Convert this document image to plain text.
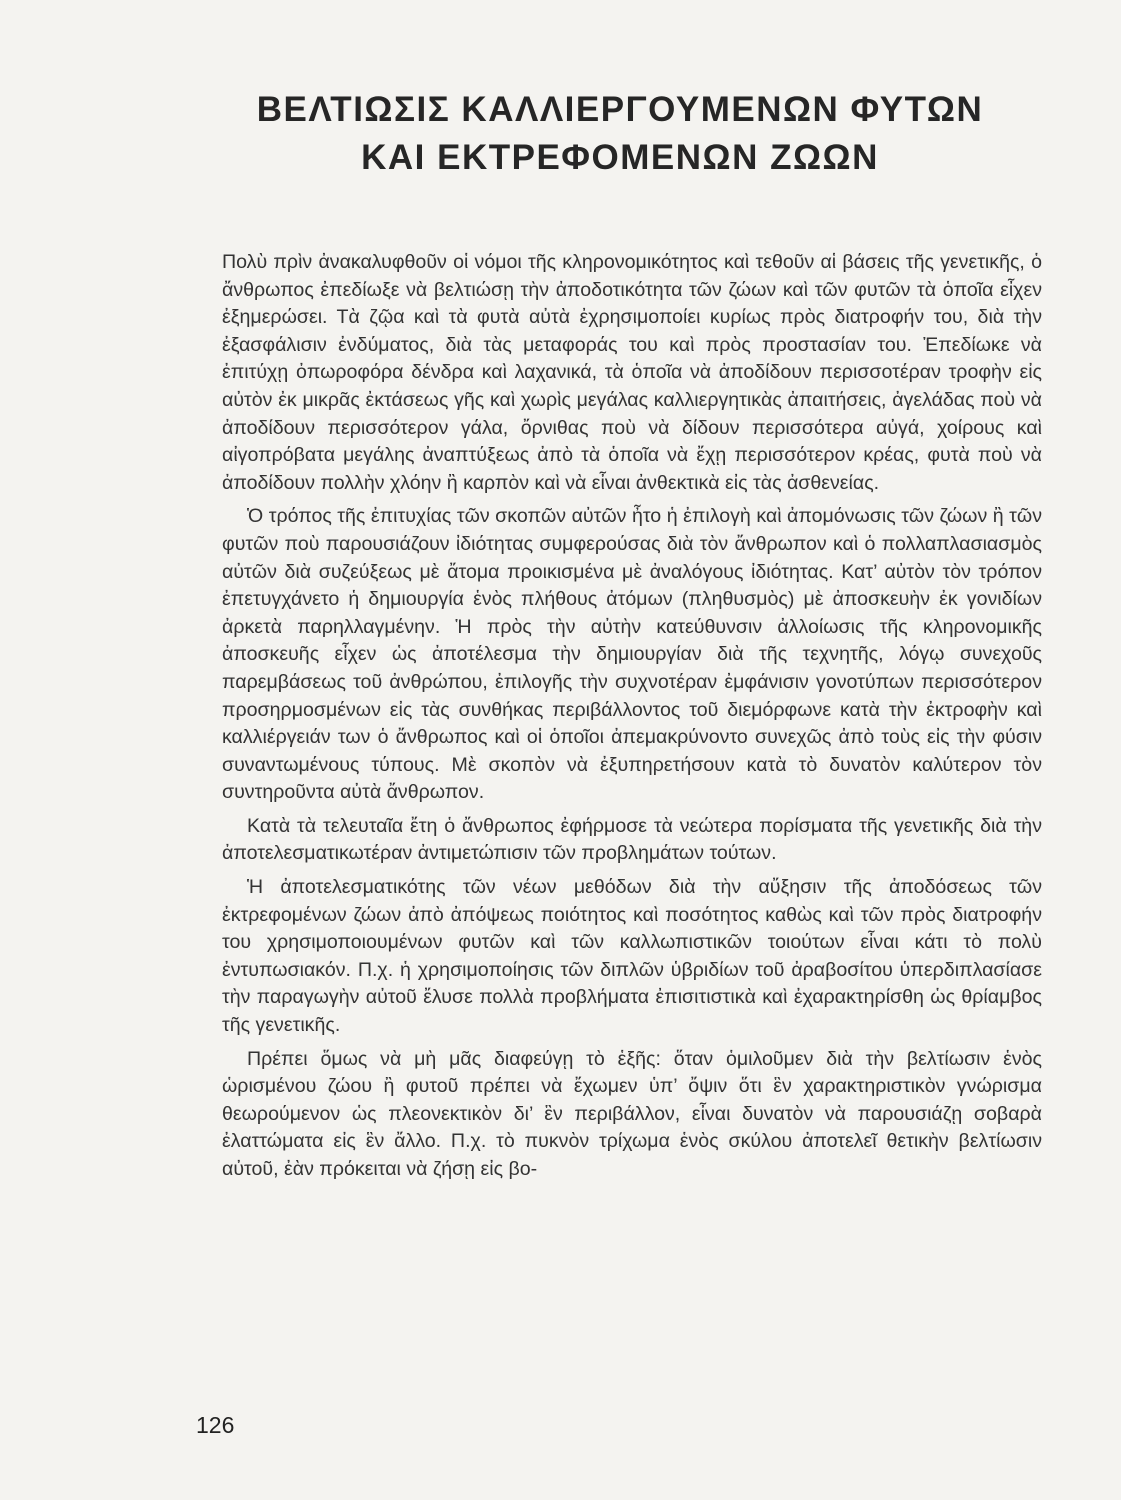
ΒΕΛΤΙΩΣΙΣ ΚΑΛΛΙΕΡΓΟΥΜΕΝΩΝ ΦΥΤΩΝ
ΚΑΙ ΕΚΤΡΕΦΟΜΕΝΩΝ ΖΩΩΝ

Πολὺ πρὶν ἀνακαλυφθοῦν οἱ νόμοι τῆς κληρονομικότητος καὶ τεθοῦν αἱ βάσεις τῆς γενετικῆς, ὁ ἄνθρωπος ἐπεδίωξε νὰ βελτιώσῃ τὴν ἀποδοτικότητα τῶν ζώων καὶ τῶν φυτῶν τὰ ὁποῖα εἶχεν ἐξημερώσει. Τὰ ζῷα καὶ τὰ φυτὰ αὐτὰ ἐχρησιμοποίει κυρίως πρὸς διατροφήν του, διὰ τὴν ἐξασφάλισιν ἐνδύματος, διὰ τὰς μεταφοράς του καὶ πρὸς προστασίαν του. Ἐπεδίωκε νὰ ἐπιτύχῃ ὀπωροφόρα δένδρα καὶ λαχανικά, τὰ ὁποῖα νὰ ἀποδίδουν περισσοτέραν τροφὴν εἰς αὐτὸν ἐκ μικρᾶς ἐκτάσεως γῆς καὶ χωρὶς μεγάλας καλλιεργητικὰς ἀπαιτήσεις, ἀγελάδας ποὺ νὰ ἀποδίδουν περισσότερον γάλα, ὄρνιθας ποὺ νὰ δίδουν περισσότερα αὐγά, χοίρους καὶ αἰγοπρόβατα μεγάλης ἀναπτύξεως ἀπὸ τὰ ὁποῖα νὰ ἔχῃ περισσότερον κρέας, φυτὰ ποὺ νὰ ἀποδίδουν πολλὴν χλόην ἢ καρπὸν καὶ νὰ εἶναι ἀνθεκτικὰ εἰς τὰς ἀσθενείας.

Ὁ τρόπος τῆς ἐπιτυχίας τῶν σκοπῶν αὐτῶν ἦτο ἡ ἐπιλογὴ καὶ ἀπομόνωσις τῶν ζώων ἢ τῶν φυτῶν ποὺ παρουσιάζουν ἰδιότητας συμφερούσας διὰ τὸν ἄνθρωπον καὶ ὁ πολλαπλασιασμὸς αὐτῶν διὰ συζεύξεως μὲ ἄτομα προικισμένα μὲ ἀναλόγους ἰδιότητας. Κατ’ αὐτὸν τὸν τρόπον ἐπετυγχάνετο ἡ δημιουργία ἑνὸς πλήθους ἀτόμων (πληθυσμὸς) μὲ ἀποσκευὴν ἐκ γονιδίων ἀρκετὰ παρηλλαγμένην. Ἡ πρὸς τὴν αὐτὴν κατεύθυνσιν ἀλλοίωσις τῆς κληρονομικῆς ἀποσκευῆς εἶχεν ὡς ἀποτέλεσμα τὴν δημιουργίαν διὰ τῆς τεχνητῆς, λόγῳ συνεχοῦς παρεμβάσεως τοῦ ἀνθρώπου, ἐπιλογῆς τὴν συχνοτέραν ἐμφάνισιν γονοτύπων περισσότερον προσηρμοσμένων εἰς τὰς συνθήκας περιβάλλοντος τοῦ διεμόρφωνε κατὰ τὴν ἐκτροφὴν καὶ καλλιέργειάν των ὁ ἄνθρωπος καὶ οἱ ὁποῖοι ἀπεμακρύνοντο συνεχῶς ἀπὸ τοὺς εἰς τὴν φύσιν συναντωμένους τύπους. Μὲ σκοπὸν νὰ ἐξυπηρετήσουν κατὰ τὸ δυνατὸν καλύτερον τὸν συντηροῦντα αὐτὰ ἄνθρωπον.

Κατὰ τὰ τελευταῖα ἔτη ὁ ἄνθρωπος ἐφήρμοσε τὰ νεώτερα πορίσματα τῆς γενετικῆς διὰ τὴν ἀποτελεσματικωτέραν ἀντιμετώπισιν τῶν προβλημάτων τούτων.

Ἡ ἀποτελεσματικότης τῶν νέων μεθόδων διὰ τὴν αὔξησιν τῆς ἀποδόσεως τῶν ἐκτρεφομένων ζώων ἀπὸ ἀπόψεως ποιότητος καὶ ποσότητος καθὼς καὶ τῶν πρὸς διατροφήν του χρησιμοποιουμένων φυτῶν καὶ τῶν καλλωπιστικῶν τοιούτων εἶναι κάτι τὸ πολὺ ἐντυπωσιακόν. Π.χ. ἡ χρησιμοποίησις τῶν διπλῶν ὑβριδίων τοῦ ἀραβοσίτου ὑπερδιπλασίασε τὴν παραγωγὴν αὐτοῦ ἔλυσε πολλὰ προβλήματα ἐπισιτιστικὰ καὶ ἐχαρακτηρίσθη ὡς θρίαμβος τῆς γενετικῆς.

Πρέπει ὅμως νὰ μὴ μᾶς διαφεύγῃ τὸ ἑξῆς: ὅταν ὁμιλοῦμεν διὰ τὴν βελτίωσιν ἑνὸς ὡρισμένου ζώου ἢ φυτοῦ πρέπει νὰ ἔχωμεν ὑπ’ ὄψιν ὅτι ἓν χαρακτηριστικὸν γνώρισμα θεωρούμενον ὡς πλεονεκτικὸν δι’ ἓν περιβάλλον, εἶναι δυνατὸν νὰ παρουσιάζῃ σοβαρὰ ἐλαττώματα εἰς ἓν ἄλλο. Π.χ. τὸ πυκνὸν τρίχωμα ἑνὸς σκύλου ἀποτελεῖ θετικὴν βελτίωσιν αὐτοῦ, ἐὰν πρόκειται νὰ ζήσῃ εἰς βο-

126
